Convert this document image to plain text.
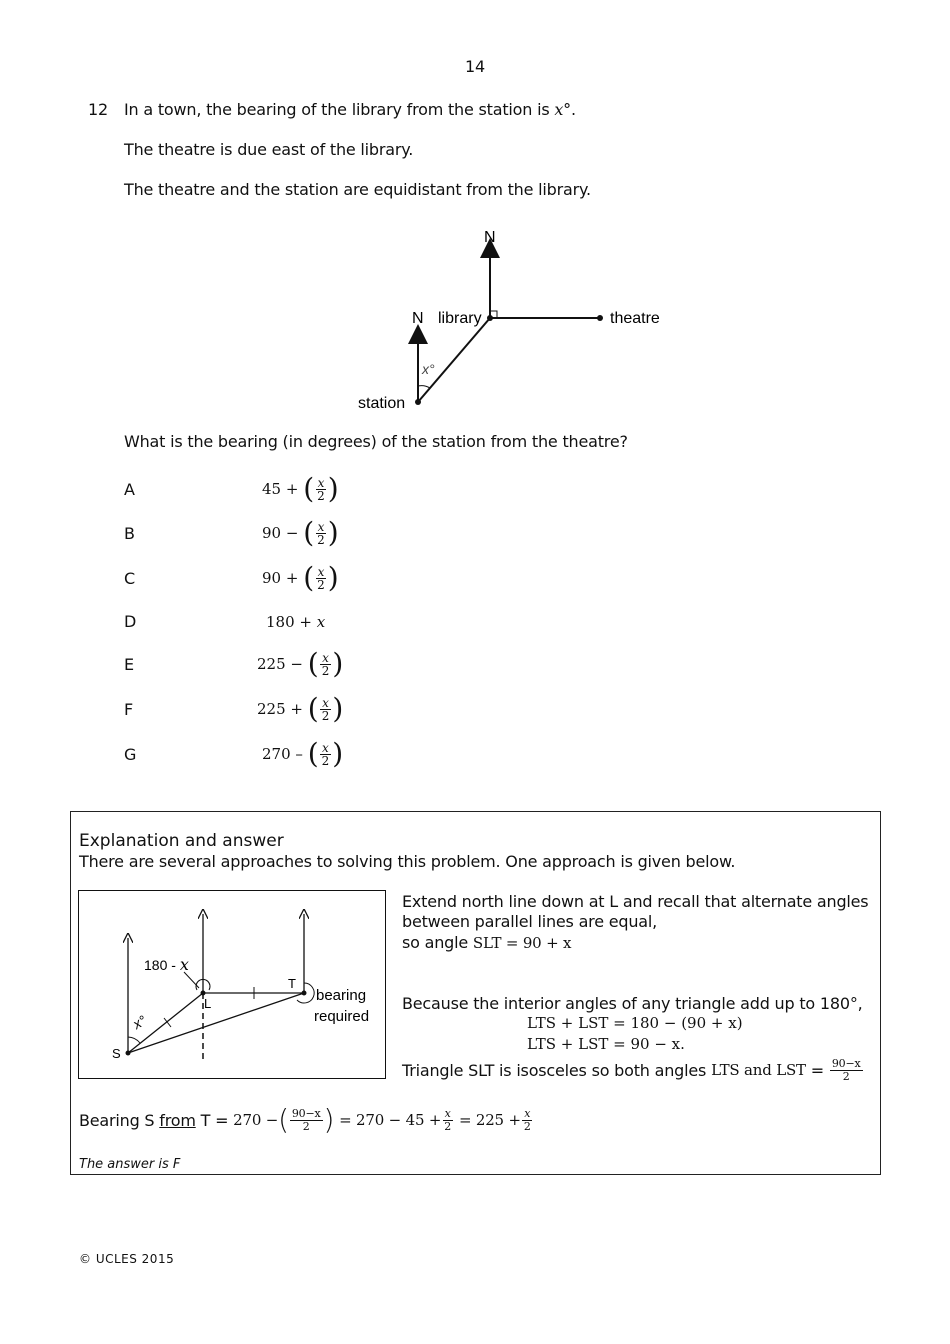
14
12 In a town, the bearing of the library from the station is x°.
The theatre is due east of the library.
The theatre and the station are equidistant from the library.
N
N library	theatre
station
x°
What is the bearing (in degrees) of the station from the theatre?
A	45 +
( $\frac{x}{2}$ )
B	90 −
( $\frac{x}{2}$ )
C	90 +
( $\frac{x}{2}$ )
D	180 +
x
E	225 −
( $\frac{x}{2}$ )
F	225 +
( $\frac{x}{2}$ )
G	270 –
( $\frac{x}{2}$ )
Explanation and answer
There are several approaches to solving this problem. One approach is given below.
180 - x
x°
L
T
S
bearing
required
Extend north line down at L and recall that alternate angles
between parallel lines are equal,
so angle SLT = 90 + x
Because the interior angles of any triangle add up to 180°,
LTS + LST = 180 − (90 + x)
LTS + LST = 90 − x.
Triangle SLT is isosceles so both angles
LTS and LST
=
$\frac{90-x}{2}$
Bearing S
from
T =
270 − ( $\frac{90-x}{2}$ )
= $270 - 45 + \frac{x}{2}$
= $225 + \frac{x}{2}$
The answer is F
© UCLES 2015
